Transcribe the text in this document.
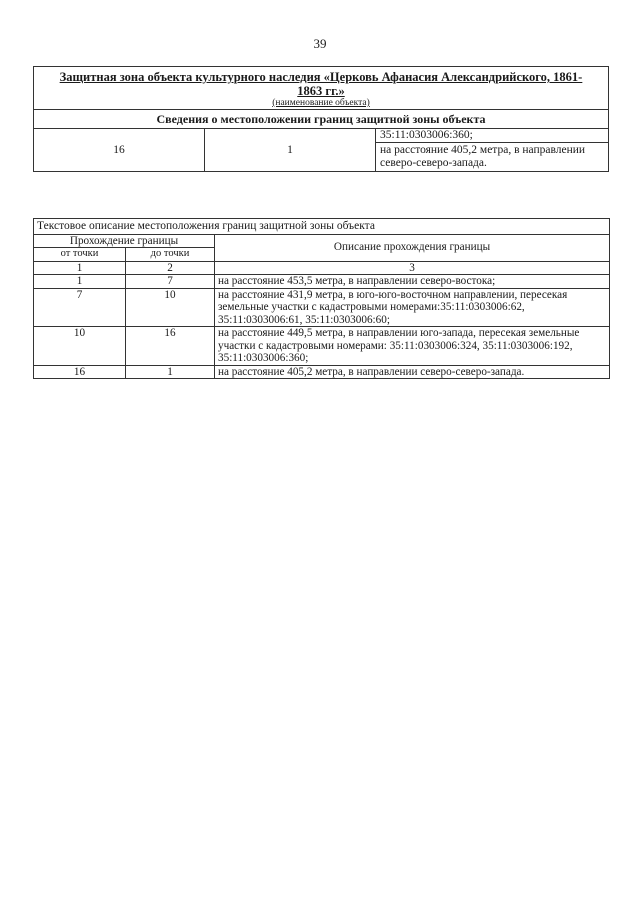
39
Защитная зона объекта культурного наследия «Церковь Афанасия Александрийского, 1861-
1863 гг.»
(наименование объекта)

Сведения о местоположении границ защитной зоны объекта
16	1	35:11:0303006:360;
на расстояние 405,2 метра, в направлении северо-северо-запада.
Текстовое описание местоположения границ защитной зоны объекта		
Прохождение границы		Описание прохождения границы
от точки	до точки	
1	2	3
1	7	на расстояние 453,5 метра, в направлении северо-востока;
7	10	на расстояние 431,9 метра, в юго-юго-восточном направлении, пересекая земельные участки с кадастровыми номерами:35:11:0303006:62, 35:11:0303006:61, 35:11:0303006:60;
10	16	на расстояние 449,5 метра, в направлении юго-запада, пересекая земельные участки с кадастровыми номерами: 35:11:0303006:324, 35:11:0303006:192, 35:11:0303006:360;
16	1	на расстояние 405,2 метра, в направлении северо-северо-запада.
